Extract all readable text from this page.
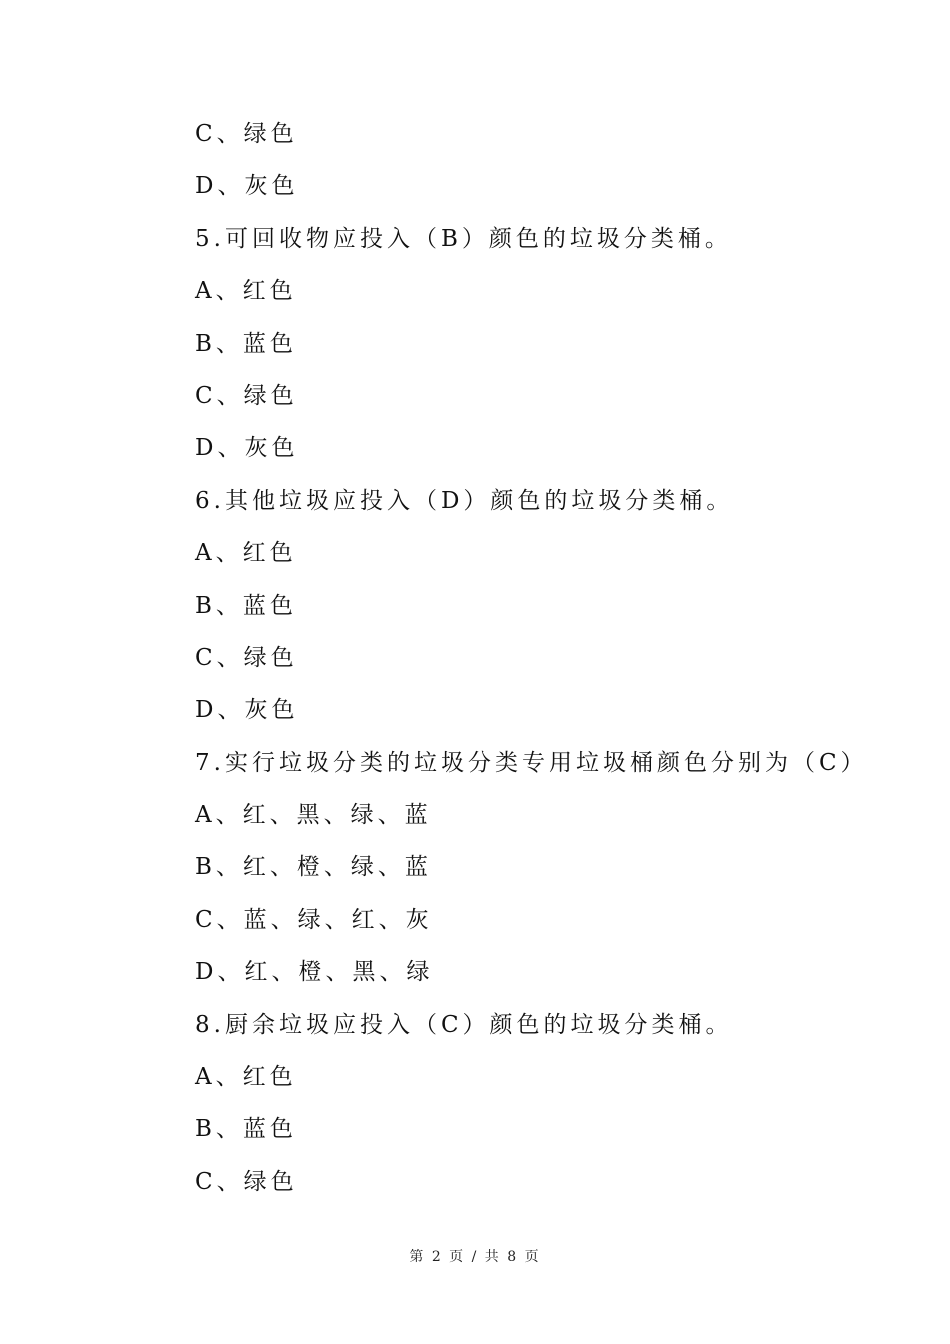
C、绿色
D、灰色
5.可回收物应投入（B）颜色的垃圾分类桶。
A、红色
B、蓝色
C、绿色
D、灰色
6.其他垃圾应投入（D）颜色的垃圾分类桶。
A、红色
B、蓝色
C、绿色
D、灰色
7.实行垃圾分类的垃圾分类专用垃圾桶颜色分别为（C）
A、红、黑、绿、蓝
B、红、橙、绿、蓝
C、蓝、绿、红、灰
D、红、橙、黑、绿
8.厨余垃圾应投入（C）颜色的垃圾分类桶。
A、红色
B、蓝色
C、绿色
第 2 页 / 共 8 页
